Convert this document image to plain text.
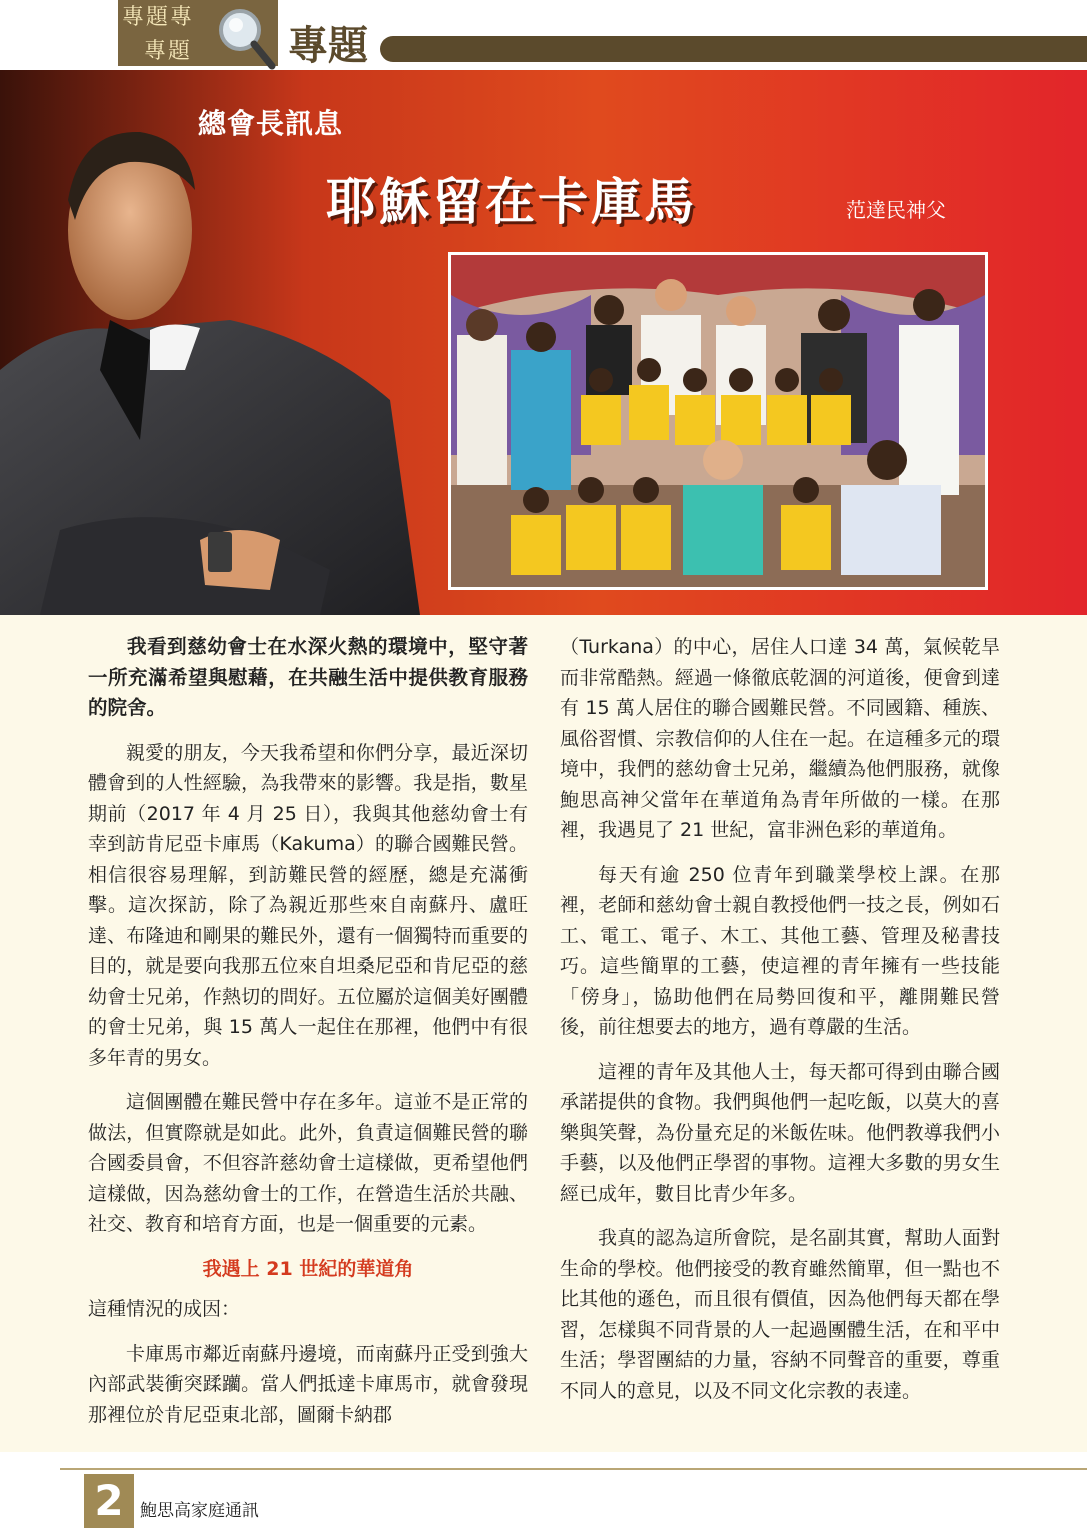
專題專
專題 專題
總會長訊息
耶穌留在卡庫馬	范達民神父

我看到慈幼會士在水深火熱的環境中，堅守著一所充滿希望與慰藉，在共融生活中提供教育服務的院舍。

親愛的朋友，今天我希望和你們分享，最近深切體會到的人性經驗，為我帶來的影響。我是指，數星期前（2017 年 4 月 25 日），我與其他慈幼會士有幸到訪肯尼亞卡庫馬（Kakuma）的聯合國難民營。相信很容易理解，到訪難民營的經歷，總是充滿衝擊。這次探訪，除了為親近那些來自南蘇丹、盧旺達、布隆迪和剛果的難民外，還有一個獨特而重要的目的，就是要向我那五位來自坦桑尼亞和肯尼亞的慈幼會士兄弟，作熱切的問好。五位屬於這個美好團體的會士兄弟，與 15 萬人一起住在那裡，他們中有很多年青的男女。

這個團體在難民營中存在多年。這並不是正常的做法，但實際就是如此。此外，負責這個難民營的聯合國委員會，不但容許慈幼會士這樣做，更希望他們這樣做，因為慈幼會士的工作，在營造生活於共融、社交、教育和培育方面，也是一個重要的元素。

我遇上 21 世紀的華道角

這種情況的成因：

卡庫馬市鄰近南蘇丹邊境，而南蘇丹正受到強大內部武裝衝突蹂躪。當人們抵達卡庫馬市，就會發現那裡位於肯尼亞東北部，圖爾卡納郡

（Turkana）的中心，居住人口達 34 萬，氣候乾旱而非常酷熱。經過一條徹底乾涸的河道後，便會到達有 15 萬人居住的聯合國難民營。不同國籍、種族、風俗習慣、宗教信仰的人住在一起。在這種多元的環境中，我們的慈幼會士兄弟，繼續為他們服務，就像鮑思高神父當年在華道角為青年所做的一樣。在那裡，我遇見了 21 世紀，富非洲色彩的華道角。

每天有逾 250 位青年到職業學校上課。在那裡，老師和慈幼會士親自教授他們一技之長，例如石工、電工、電子、木工、其他工藝、管理及秘書技巧。這些簡單的工藝，使這裡的青年擁有一些技能「傍身」，協助他們在局勢回復和平，離開難民營後，前往想要去的地方，過有尊嚴的生活。

這裡的青年及其他人士，每天都可得到由聯合國承諾提供的食物。我們與他們一起吃飯，以莫大的喜樂與笑聲，為份量充足的米飯佐味。他們教導我們小手藝，以及他們正學習的事物。這裡大多數的男女生經已成年，數目比青少年多。

我真的認為這所會院，是名副其實，幫助人面對生命的學校。他們接受的教育雖然簡單，但一點也不比其他的遜色，而且很有價值，因為他們每天都在學習，怎樣與不同背景的人一起過團體生活，在和平中生活；學習團結的力量，容納不同聲音的重要，尊重不同人的意見，以及不同文化宗教的表達。

2 鮑思高家庭通訊
